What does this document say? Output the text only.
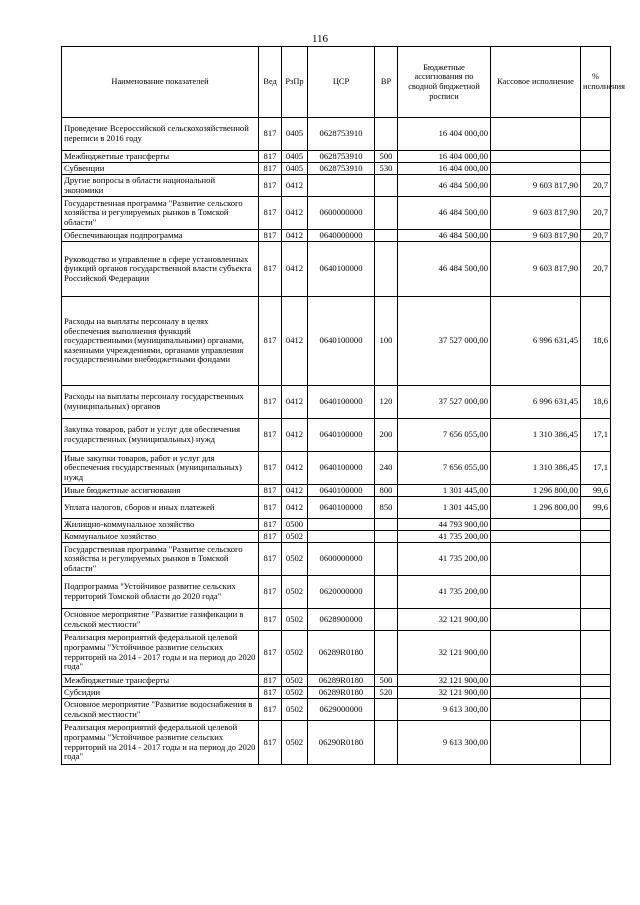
116
Наименование показателей	Вед	РзПр	ЦСР	ВР	Бюджетные ассигнования по сводной бюджетной росписи	Кассовое исполнение	% исполнения
Проведение Всероссийской сельскохозяйственной переписи в 2016 году	817	0405	0628753910		16 404 000,00		
Межбюджетные трансферты	817	0405	0628753910	500	16 404 000,00		
Субвенции	817	0405	0628753910	530	16 404 000,00		
Другие вопросы в области национальной экономики	817	0412			46 484 500,00	9 603 817,90	20,7
Государственная программа "Развитие сельского хозяйства и регулируемых рынков в Томской области"	817	0412	0600000000		46 484 500,00	9 603 817,90	20,7
Обеспечивающая подпрограмма	817	0412	0640000000		46 484 500,00	9 603 817,90	20,7
Руководство и управление в сфере установленных функций органов государственной власти субъекта Российской Федерации	817	0412	0640100000		46 484 500,00	9 603 817,90	20,7
Расходы на выплаты персоналу в целях обеспечения выполнения функций государственными (муниципальными) органами, казенными учреждениями, органами управления государственными внебюджетными фондами	817	0412	0640100000	100	37 527 000,00	6 996 631,45	18,6
Расходы на выплаты персоналу государственных (муниципальных) органов	817	0412	0640100000	120	37 527 000,00	6 996 631,45	18,6
Закупка товаров, работ и услуг для обеспечения государственных (муниципальных) нужд	817	0412	0640100000	200	7 656 055,00	1 310 386,45	17,1
Иные закупки товаров, работ и услуг для обеспечения государственных (муниципальных) нужд	817	0412	0640100000	240	7 656 055,00	1 310 386,45	17,1
Иные бюджетные ассигнования	817	0412	0640100000	800	1 301 445,00	1 296 800,00	99,6
Уплата налогов, сборов и иных платежей	817	0412	0640100000	850	1 301 445,00	1 296 800,00	99,6
Жилищно-коммунальное хозяйство	817	0500			44 793 900,00		
Коммунальное хозяйство	817	0502			41 735 200,00		
Государственная программа "Развитие сельского хозяйства и регулируемых рынков в Томской области"	817	0502	0600000000		41 735 200,00		
Подпрограмма "Устойчивое развитие сельских территорий Томской области до 2020 года"	817	0502	0620000000		41 735 200,00		
Основное мероприятие "Развитие газификации в сельской местности"	817	0502	0628900000		32 121 900,00		
Реализация мероприятий федеральной целевой программы "Устойчивое развитие сельских территорий на 2014 - 2017 годы и на период до 2020 года"	817	0502	06289R0180		32 121 900,00		
Межбюджетные трансферты	817	0502	06289R0180	500	32 121 900,00		
Субсидии	817	0502	06289R0180	520	32 121 900,00		
Основное мероприятие "Развитие водоснабжения в сельской местности"	817	0502	0629000000		9 613 300,00		
Реализация мероприятий федеральной целевой программы "Устойчивое развитие сельских территорий на 2014 - 2017 годы и на период до 2020 года"	817	0502	06290R0180		9 613 300,00		
